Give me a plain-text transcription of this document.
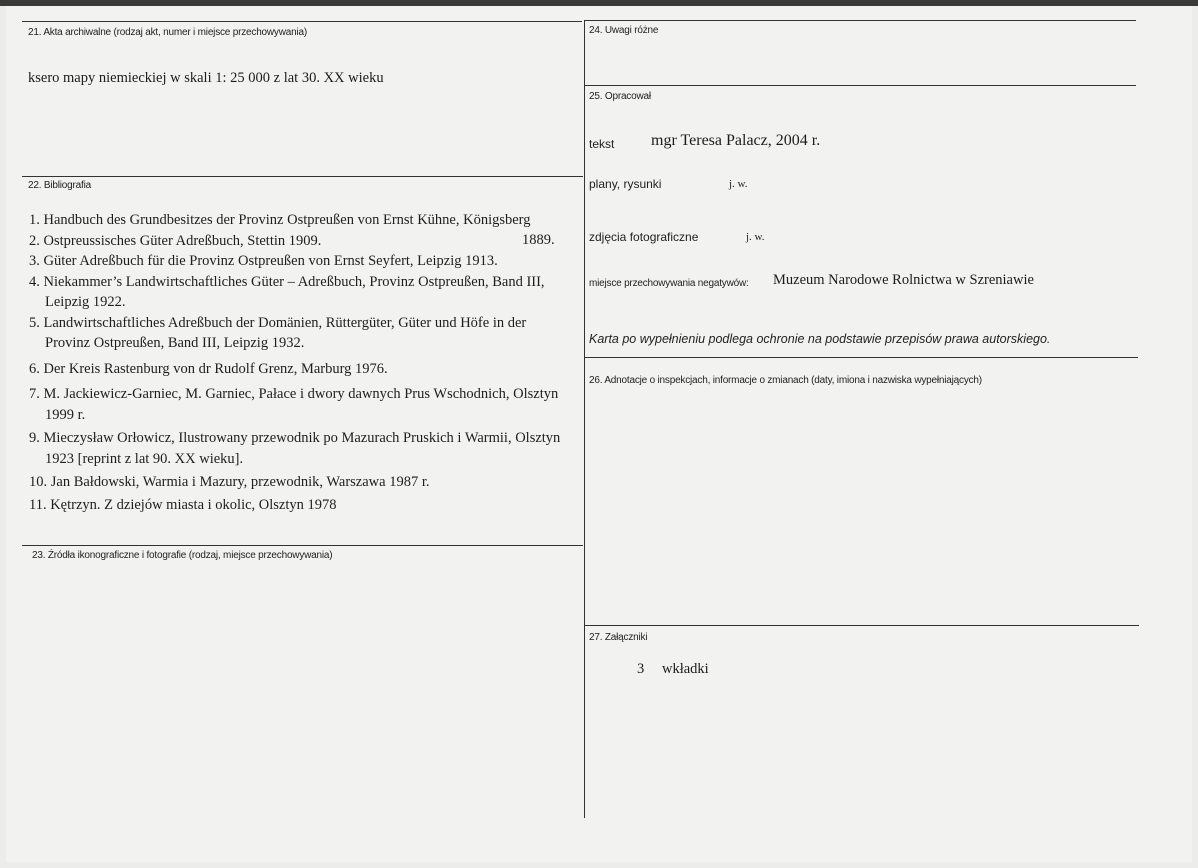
21. Akta archiwalne (rodzaj akt, numer i miejsce przechowywania)
ksero mapy niemieckiej w skali 1: 25 000 z lat 30. XX wieku
22. Bibliografia
1. Handbuch des Grundbesitzes der Provinz Ostpreußen von Ernst Kühne, Königsberg
2. Ostpreussisches Güter Adreßbuch, Stettin 1909.
3. Güter Adreßbuch für die Provinz Ostpreußen von Ernst Seyfert, Leipzig 1913.
4. Niekammer’s Landwirtschaftliches Güter – Adreßbuch, Provinz Ostpreußen, Band III, Leipzig 1922.
5. Landwirtschaftliches Adreßbuch der Domänien, Rüttergüter, Güter und Höfe in der Provinz Ostpreußen, Band III, Leipzig 1932.
6. Der Kreis Rastenburg von dr Rudolf Grenz, Marburg 1976.
7. M. Jackiewicz-Garniec, M. Garniec, Pałace i dwory dawnych Prus Wschodnich, Olsztyn 1999 r.
9. Mieczysław Orłowicz, Ilustrowany przewodnik po Mazurach Pruskich i Warmii, Olsztyn 1923 [reprint z lat 90. XX wieku].
10. Jan Bałdowski, Warmia i Mazury, przewodnik, Warszawa 1987 r.
11. Kętrzyn. Z dziejów miasta i okolic, Olsztyn 1978
1889.
23. Źródła ikonograficzne i fotografie (rodzaj, miejsce przechowywania)
24. Uwagi różne
25. Opracował
tekst mgr Teresa Palacz, 2004 r.
plany, rysunki	j. w.
zdjęcia fotograficzne	j. w.
miejsce przechowywania negatywów: Muzeum Narodowe Rolnictwa w Szreniawie
Karta po wypełnieniu podlega ochronie na podstawie przepisów prawa autorskiego.
26. Adnotacje o inspekcjach, informacje o zmianach (daty, imiona i nazwiska wypełniających)
27. Załączniki
3 wkładki
